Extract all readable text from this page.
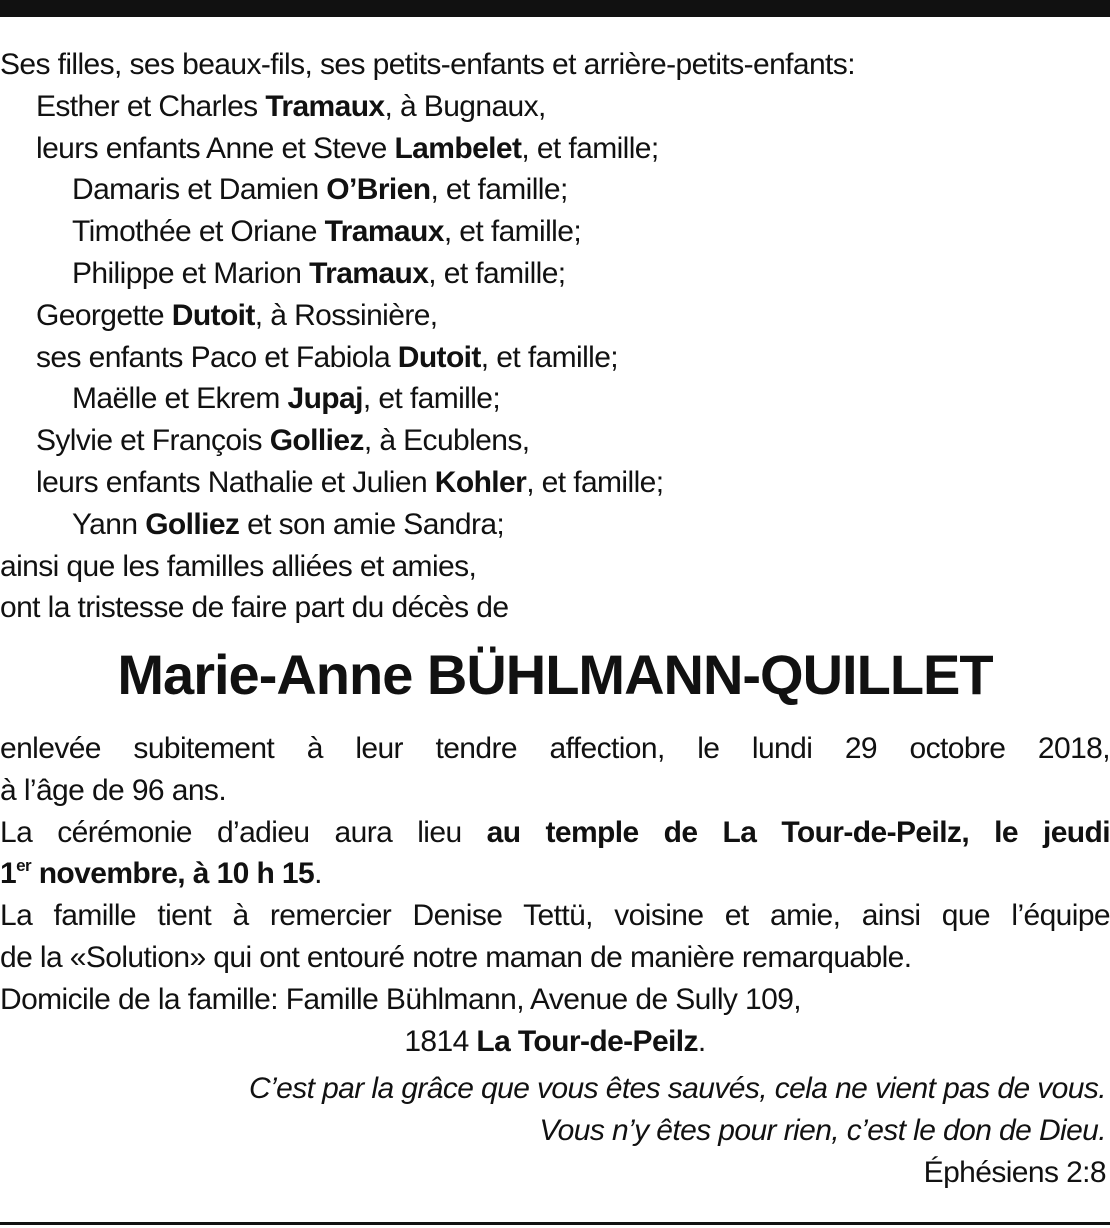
Ses filles, ses beaux-fils, ses petits-enfants et arrière-petits-enfants:
Esther et Charles Tramaux, à Bugnaux,
leurs enfants Anne et Steve Lambelet, et famille;
Damaris et Damien O’Brien, et famille;
Timothée et Oriane Tramaux, et famille;
Philippe et Marion Tramaux, et famille;
Georgette Dutoit, à Rossinière,
ses enfants Paco et Fabiola Dutoit, et famille;
Maëlle et Ekrem Jupaj, et famille;
Sylvie et François Golliez, à Ecublens,
leurs enfants Nathalie et Julien Kohler, et famille;
Yann Golliez et son amie Sandra;
ainsi que les familles alliées et amies,
ont la tristesse de faire part du décès de
Marie-Anne BÜHLMANN-QUILLET
enlevée subitement à leur tendre affection, le lundi 29 octobre 2018,
à l’âge de 96 ans.
La cérémonie d’adieu aura lieu au temple de La Tour-de-Peilz, le jeudi
1er novembre, à 10 h 15.
La famille tient à remercier Denise Tettü, voisine et amie, ainsi que l’équipe
de la «Solution» qui ont entouré notre maman de manière remarquable.
Domicile de la famille: Famille Bühlmann, Avenue de Sully 109,
1814 La Tour-de-Peilz.
C’est par la grâce que vous êtes sauvés, cela ne vient pas de vous.
Vous n’y êtes pour rien, c’est le don de Dieu.
Éphésiens 2:8
